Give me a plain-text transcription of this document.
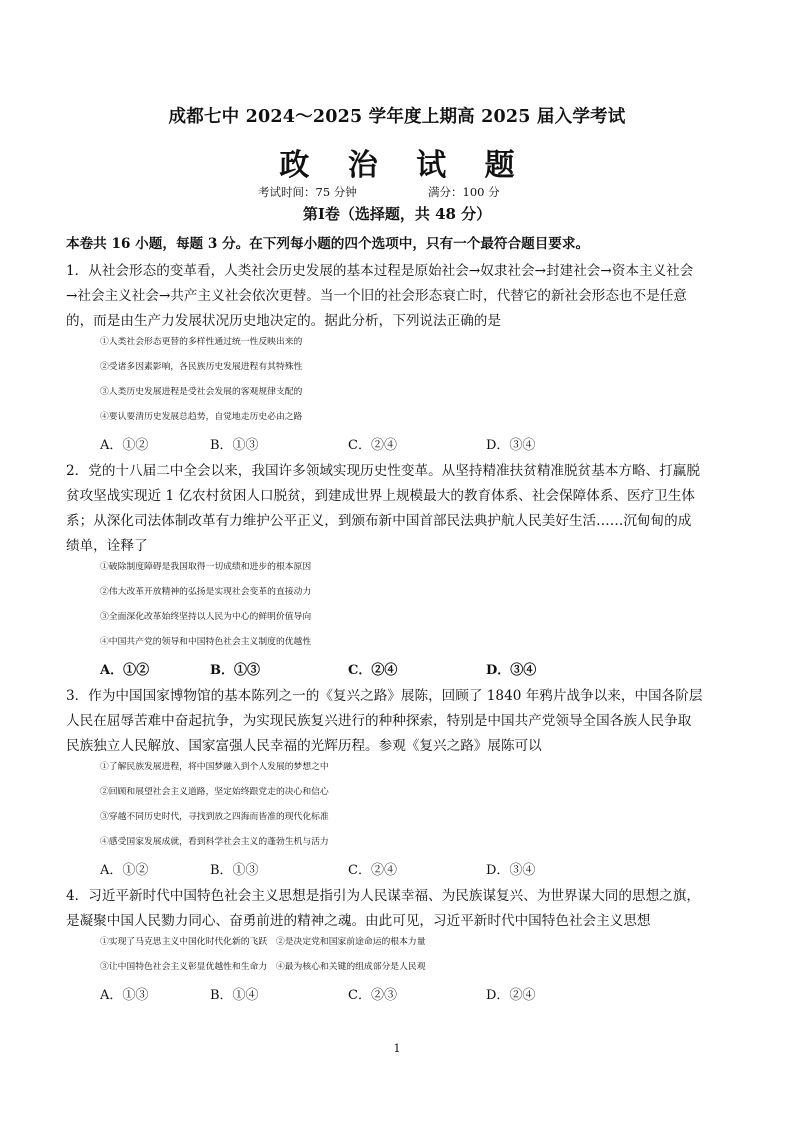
成都七中 2024～2025 学年度上期高 2025 届入学考试
政 治 试 题
考试时间：75 分钟	满分：100 分
第Ⅰ卷（选择题，共 48 分）
本卷共 16 小题，每题 3 分。在下列每小题的四个选项中，只有一个最符合题目要求。
1．从社会形态的变革看，人类社会历史发展的基本过程是原始社会→奴隶社会→封建社会→资本主义社会
→社会主义社会→共产主义社会依次更替。当一个旧的社会形态衰亡时，代替它的新社会形态也不是任意
的，而是由生产力发展状况历史地决定的。据此分析，下列说法正确的是
①人类社会形态更替的多样性通过统一性反映出来的
②受诸多因素影响，各民族历史发展进程有其特殊性
③人类历史发展进程是受社会发展的客观规律支配的
④要认要清历史发展总趋势，自觉地走历史必由之路
A．①②	B．①③	C．②④	D．③④
2．党的十八届二中全会以来，我国许多领域实现历史性变革。从坚持精准扶贫精准脱贫基本方略、打赢脱
贫攻坚战实现近 1 亿农村贫困人口脱贫，到建成世界上规模最大的教育体系、社会保障体系、医疗卫生体
系；从深化司法体制改革有力维护公平正义，到颁布新中国首部民法典护航人民美好生活……沉甸甸的成
绩单，诠释了
①破除制度障碍是我国取得一切成绩和进步的根本原因
②伟大改革开放精神的弘扬是实现社会变革的直接动力
③全面深化改革始终坚持以人民为中心的鲜明价值导向
④中国共产党的领导和中国特色社会主义制度的优越性
A．①②	B．①③	C．②④	D．③④
3．作为中国国家博物馆的基本陈列之一的《复兴之路》展陈，回顾了 1840 年鸦片战争以来，中国各阶层
人民在屈辱苦难中奋起抗争，为实现民族复兴进行的种种探索，特别是中国共产党领导全国各族人民争取
民族独立人民解放、国家富强人民幸福的光辉历程。参观《复兴之路》展陈可以
①了解民族发展进程，将中国梦融入到个人发展的梦想之中
②回顾和展望社会主义道路，坚定始终跟党走的决心和信心
③穿越不同历史时代，寻找到放之四海而皆准的现代化标准
④感受国家发展成就，看到科学社会主义的蓬勃生机与活力
A．①②	B．①③	C．②④	D．③④
4．习近平新时代中国特色社会主义思想是指引为人民谋幸福、为民族谋复兴、为世界谋大同的思想之旗，
是凝聚中国人民勠力同心、奋勇前进的精神之魂。由此可见，习近平新时代中国特色社会主义思想
①实现了马克思主义中国化时代化新的飞跃　②是决定党和国家前途命运的根本力量
③让中国特色社会主义彰显优越性和生命力　④最为核心和关键的组成部分是人民观
A．①③	B．①④	C．②③	D．②④
1
